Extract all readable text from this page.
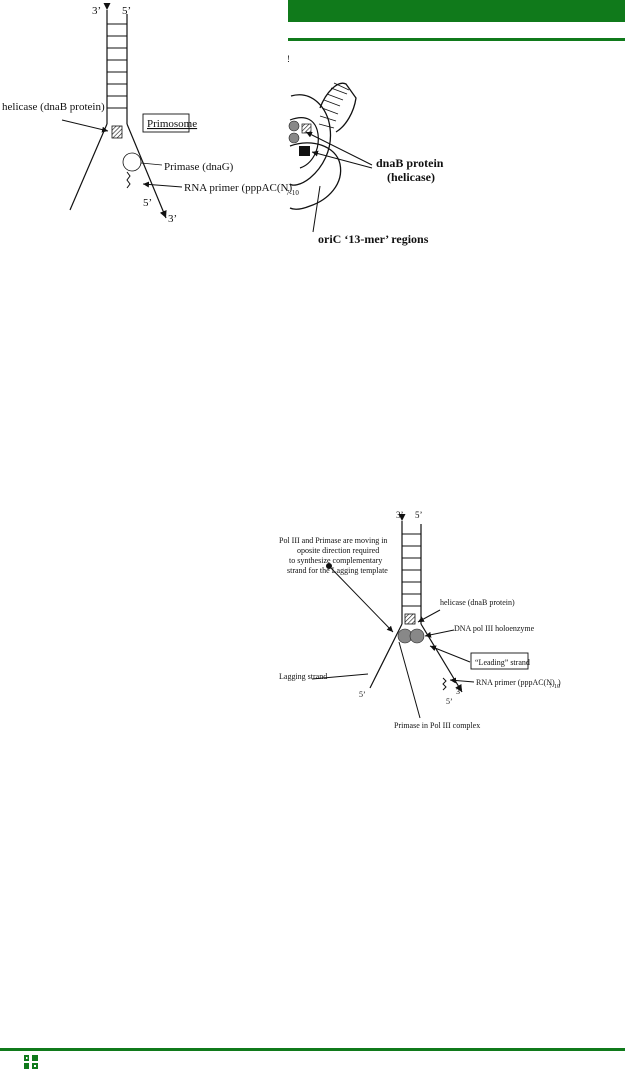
3’ 5’
helicase (dnaB protein)
Primosome
Primase (dnaG)
RNA primer (pppAC(N)
7-10
5’
3’
!
dnaB protein
(helicase)
oriC ‘13-mer’ regions
3’ 5’
Pol III and Primase are moving in
oposite direction required
to synthesize complementary
strand for the Lagging template
helicase (dnaB protein)
DNA pol III holoenzyme
“Leading” strand
Lagging strand
5’
RNA primer (pppAC(N)
7-10
)
3’
5’
Primase in Pol III complex
